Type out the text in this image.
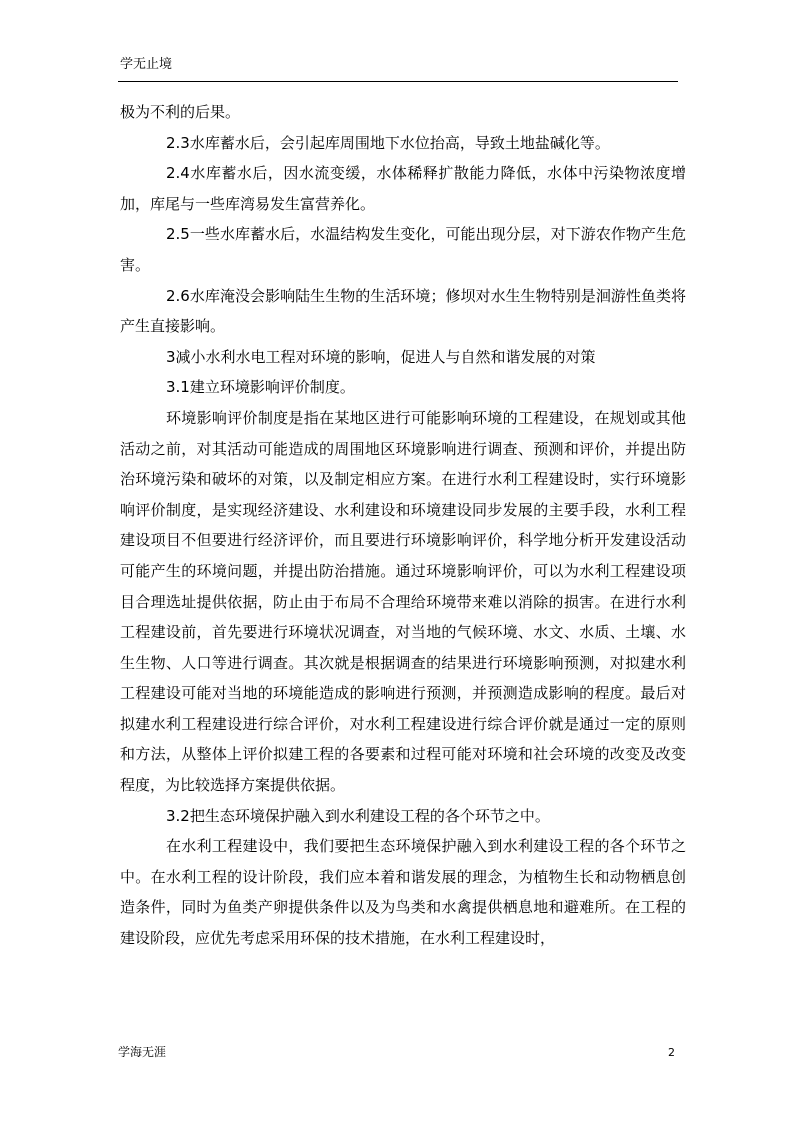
学无止境

极为不利的后果。

2.3水库蓄水后，会引起库周围地下水位抬高，导致土地盐碱化等。

2.4水库蓄水后，因水流变缓，水体稀释扩散能力降低，水体中污染物浓度增加，库尾与一些库湾易发生富营养化。

2.5一些水库蓄水后，水温结构发生变化，可能出现分层，对下游农作物产生危害。

2.6水库淹没会影响陆生生物的生活环境；修坝对水生生物特别是洄游性鱼类将产生直接影响。

3减小水利水电工程对环境的影响，促进人与自然和谐发展的对策

3.1建立环境影响评价制度。

环境影响评价制度是指在某地区进行可能影响环境的工程建设，在规划或其他活动之前，对其活动可能造成的周围地区环境影响进行调查、预测和评价，并提出防治环境污染和破坏的对策，以及制定相应方案。在进行水利工程建设时，实行环境影响评价制度，是实现经济建设、水利建设和环境建设同步发展的主要手段，水利工程建设项目不但要进行经济评价，而且要进行环境影响评价，科学地分析开发建设活动可能产生的环境问题，并提出防治措施。通过环境影响评价，可以为水利工程建设项目合理选址提供依据，防止由于布局不合理给环境带来难以消除的损害。在进行水利工程建设前，首先要进行环境状况调查，对当地的气候环境、水文、水质、土壤、水生生物、人口等进行调查。其次就是根据调查的结果进行环境影响预测，对拟建水利工程建设可能对当地的环境能造成的影响进行预测，并预测造成影响的程度。最后对拟建水利工程建设进行综合评价，对水利工程建设进行综合评价就是通过一定的原则和方法，从整体上评价拟建工程的各要素和过程可能对环境和社会环境的改变及改变程度，为比较选择方案提供依据。

3.2把生态环境保护融入到水利建设工程的各个环节之中。

在水利工程建设中，我们要把生态环境保护融入到水利建设工程的各个环节之中。在水利工程的设计阶段，我们应本着和谐发展的理念，为植物生长和动物栖息创造条件，同时为鱼类产卵提供条件以及为鸟类和水禽提供栖息地和避难所。在工程的建设阶段，应优先考虑采用环保的技术措施，在水利工程建设时，

学海无涯	2
